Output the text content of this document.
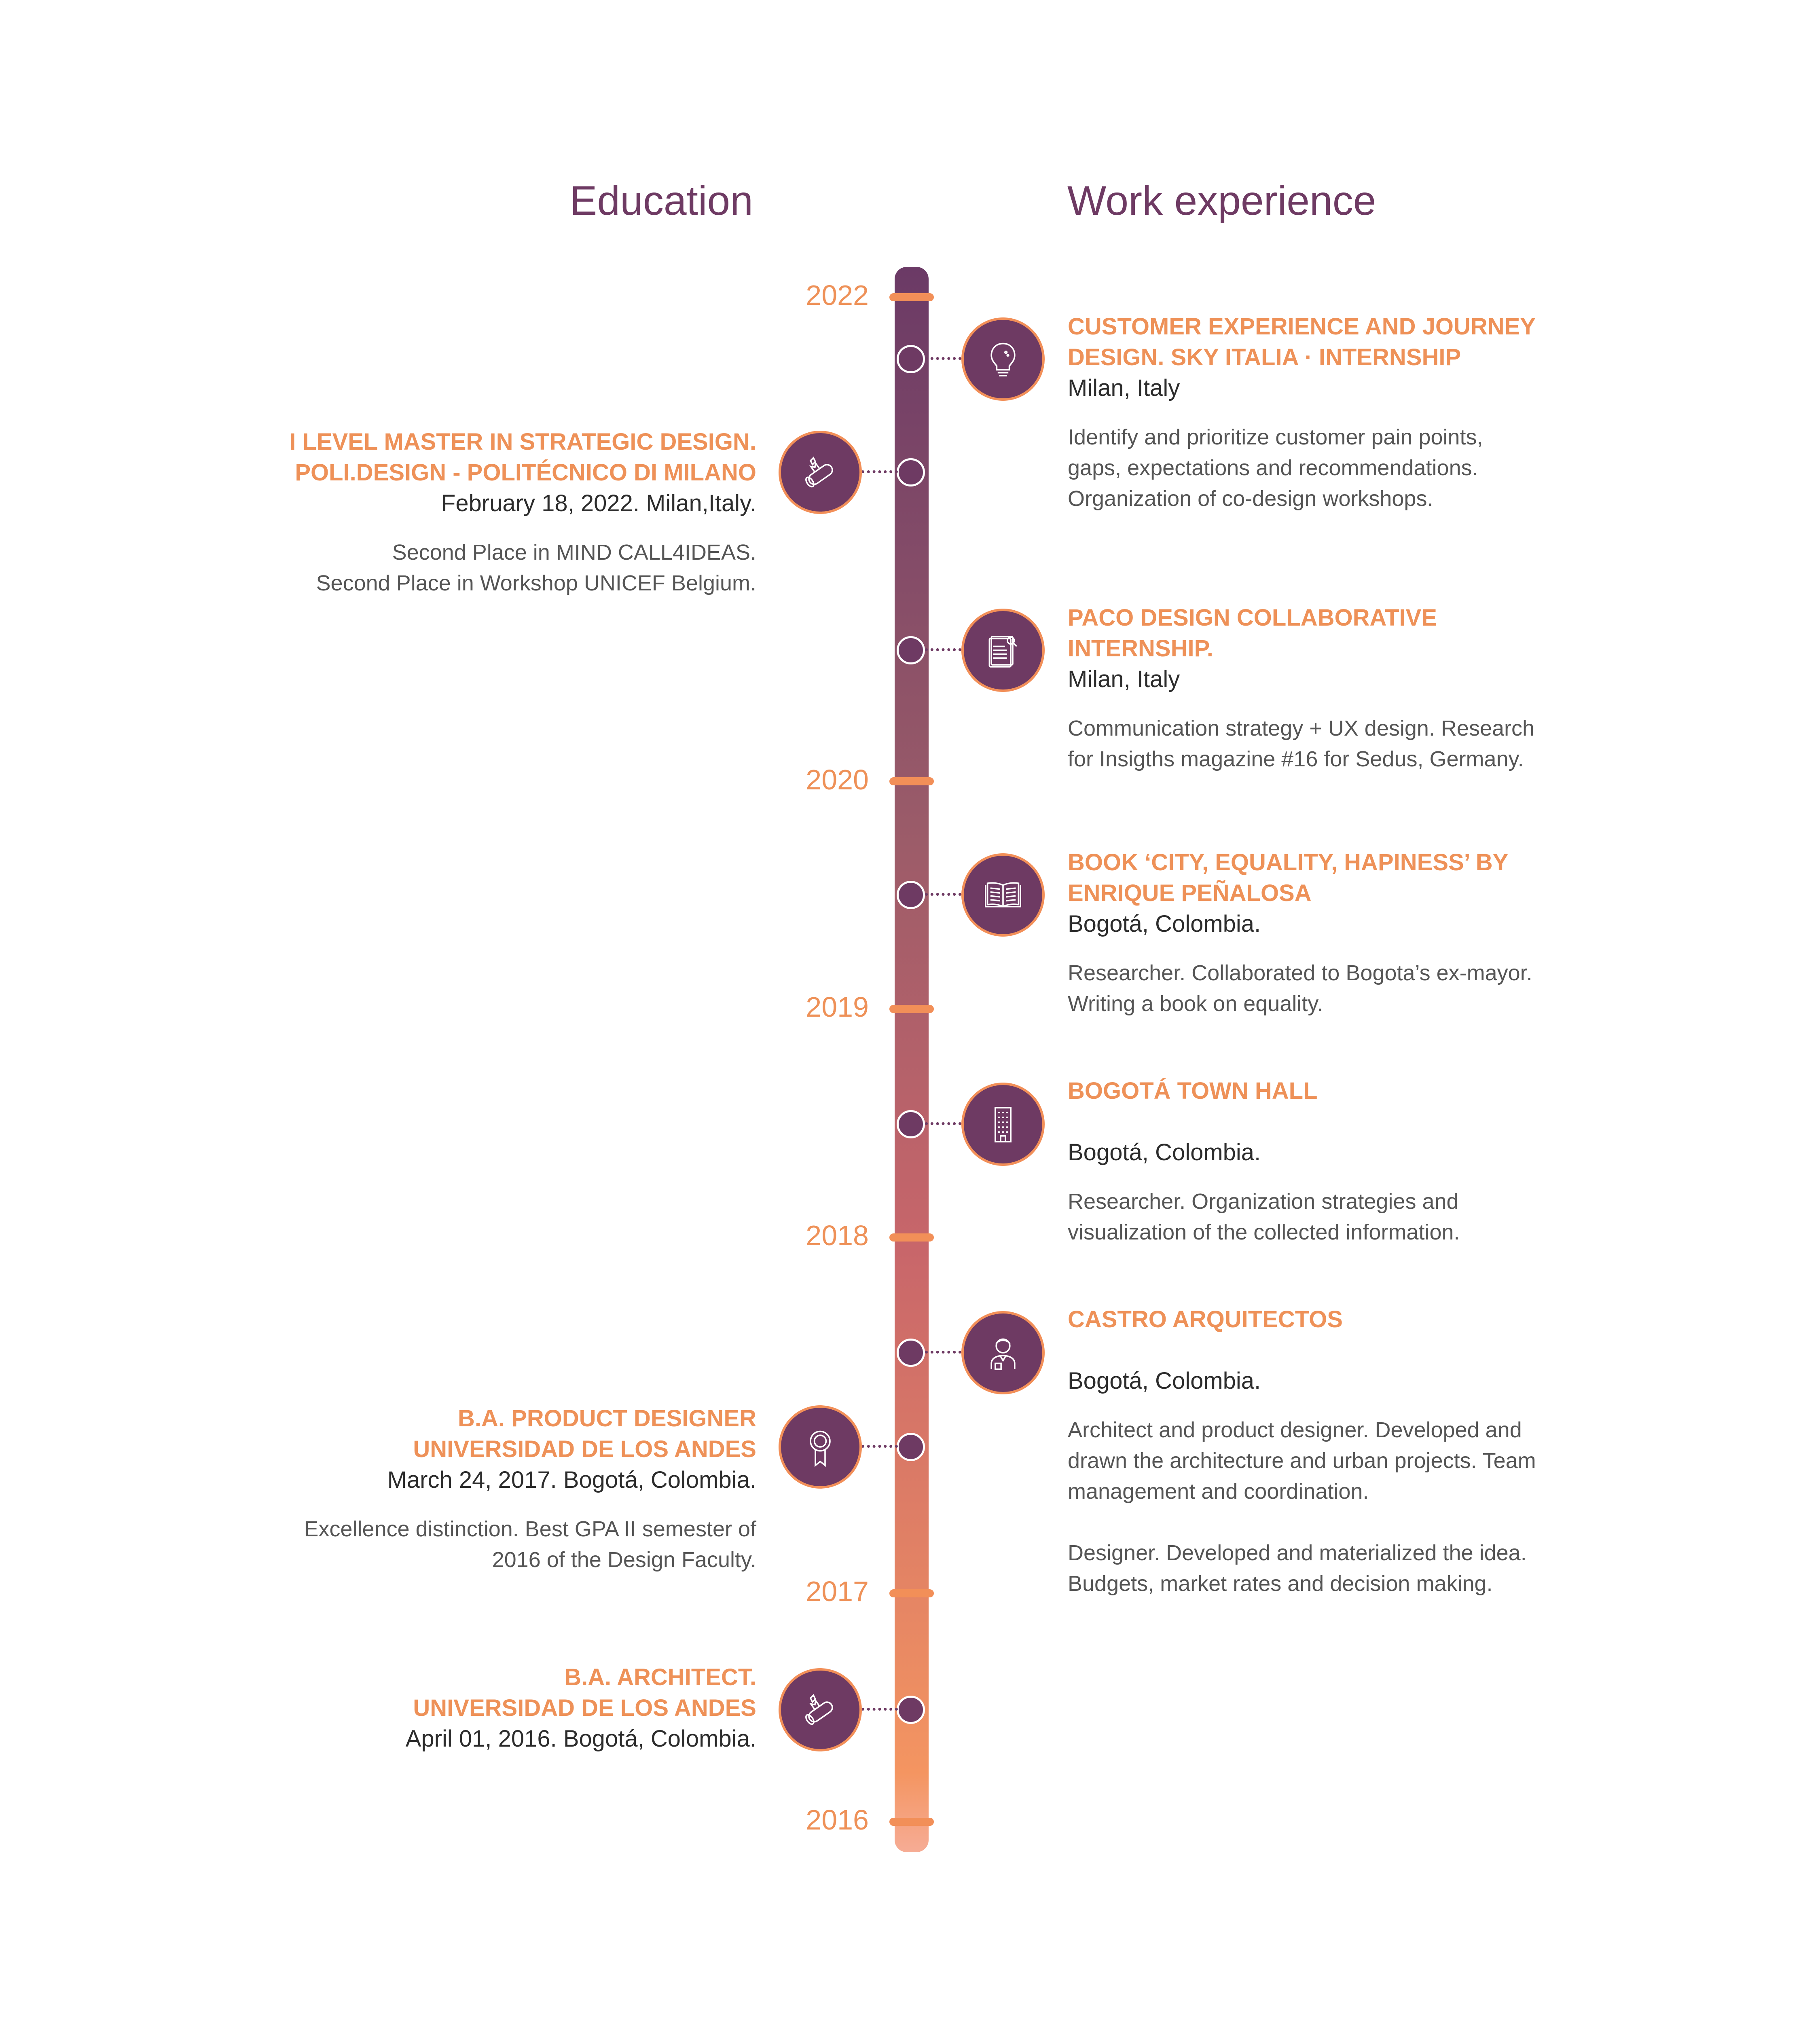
Education	Work experience
2022
2020
2019
2018
2017
2016
CUSTOMER EXPERIENCE AND JOURNEY
DESIGN. SKY ITALIA · INTERNSHIP
Milan, Italy
Identify and prioritize customer pain points,
gaps, expectations and recommendations.
Organization of co-design workshops.
PACO DESIGN COLLABORATIVE
INTERNSHIP.
Milan, Italy
Communication strategy + UX design. Research
for Insigths magazine #16 for Sedus, Germany.
BOOK ‘CITY, EQUALITY, HAPINESS’ BY
ENRIQUE PEÑALOSA
Bogotá, Colombia.
Researcher. Collaborated to Bogota’s ex-mayor.
Writing a book on equality.
BOGOTÁ TOWN HALL
Bogotá, Colombia.
Researcher. Organization strategies and
visualization of the collected information.
CASTRO ARQUITECTOS
Bogotá, Colombia.
Architect and product designer. Developed and
drawn the architecture and urban projects. Team
management and coordination.
Designer. Developed and materialized the idea.
Budgets, market rates and decision making.
I LEVEL MASTER IN STRATEGIC DESIGN.
POLI.DESIGN - POLITÉCNICO DI MILANO
February 18, 2022. Milan,Italy.
Second Place in MIND CALL4IDEAS.
Second Place in Workshop UNICEF Belgium.
B.A. PRODUCT DESIGNER
UNIVERSIDAD DE LOS ANDES
March 24, 2017. Bogotá, Colombia.
Excellence distinction. Best GPA II semester of
2016 of the Design Faculty.
B.A. ARCHITECT.
UNIVERSIDAD DE LOS ANDES
April 01, 2016. Bogotá, Colombia.
